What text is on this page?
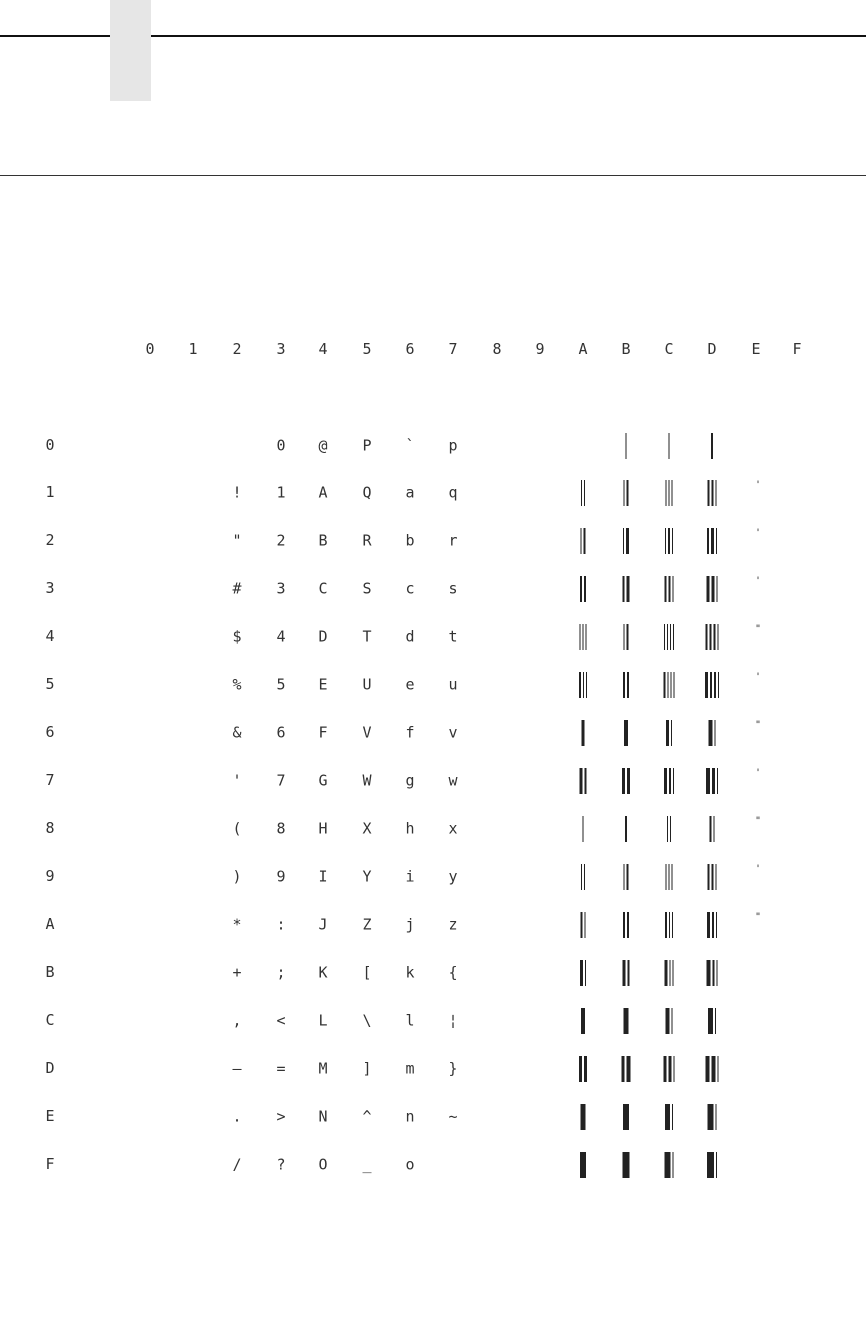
0 1 2 3 4 5 6 7 8 9 A B C D E F
0
1
2
3
4
5
6
7
8
9
A
B
C
D
E
F
!
"
#
$
%
&
'
(
)
*
+
,
–
.
/
0
1
2
3
4
5
6
7
8
9
:
;
<
=
>
?
@
A
B
C
D
E
F
G
H
I
J
K
L
M
N
O
P
Q
R
S
T
U
V
W
X
Y
Z
[
\
]
^
_
`
a
b
c
d
e
f
g
h
i
j
k
l
m
n
o
p
q
r
s
t
u
v
w
x
y
z
{
¦
}
~
'
'
'
"
'
"
'
"
'
"
